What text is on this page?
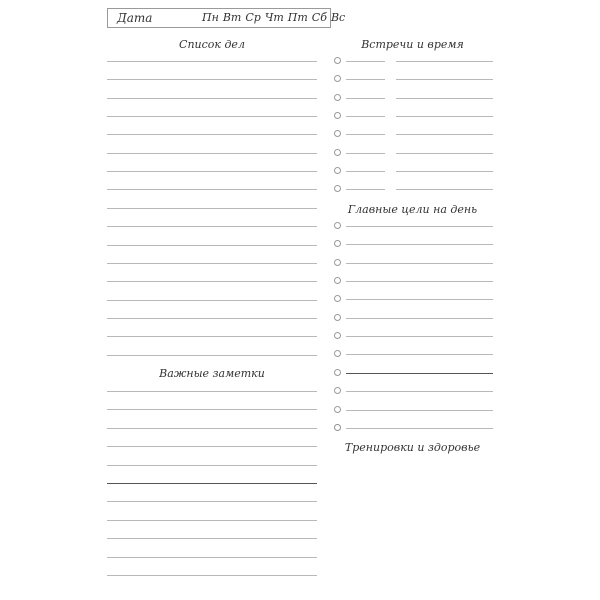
Дата	Пн Вт Ср Чт Пт Сб Вс
Список дел
Важные заметки
Встречи и время
Главные цели на день
Тренировки и здоровье
